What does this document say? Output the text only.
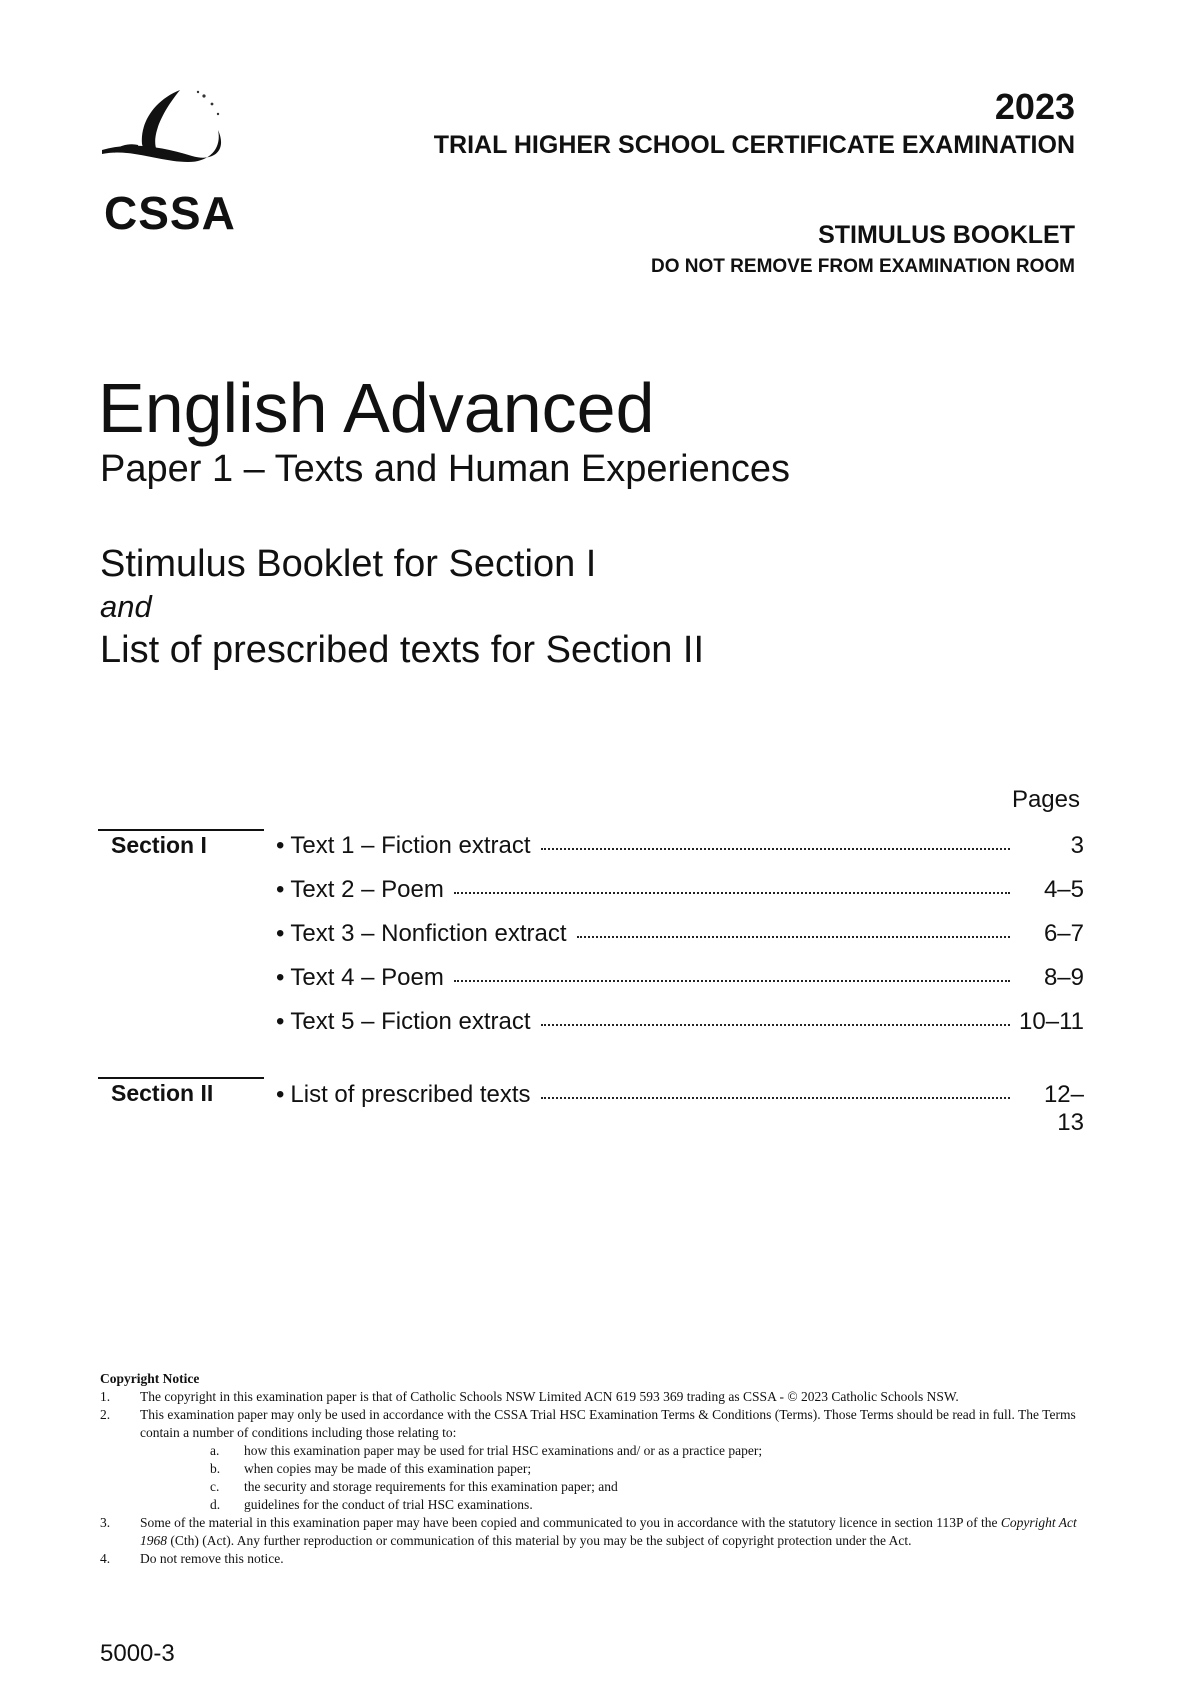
CSSA
2023
TRIAL HIGHER SCHOOL CERTIFICATE EXAMINATION
STIMULUS BOOKLET
DO NOT REMOVE FROM EXAMINATION ROOM
English Advanced
Paper 1 – Texts and Human Experiences
Stimulus Booklet for Section I
and
List of prescribed texts for Section II
Pages
Section I	• Text 1 – Fiction extract	3
• Text 2 – Poem	4–5
• Text 3 – Nonfiction extract	6–7
• Text 4 – Poem	8–9
• Text 5 – Fiction extract	10–11
Section II	• List of prescribed texts	12–13
Copyright Notice
1.	The copyright in this examination paper is that of Catholic Schools NSW Limited ACN 619 593 369 trading as CSSA - © 2023 Catholic Schools NSW.
2.	This examination paper may only be used in accordance with the CSSA Trial HSC Examination Terms & Conditions (Terms). Those Terms should be read in full. The Terms contain a number of conditions including those relating to:
a.	how this examination paper may be used for trial HSC examinations and/ or as a practice paper;
b.	when copies may be made of this examination paper;
c.	the security and storage requirements for this examination paper; and
d.	guidelines for the conduct of trial HSC examinations.
3.	Some of the material in this examination paper may have been copied and communicated to you in accordance with the statutory licence in section 113P of the Copyright Act 1968 (Cth) (Act). Any further reproduction or communication of this material by you may be the subject of copyright protection under the Act.
4.	Do not remove this notice.
5000-3
